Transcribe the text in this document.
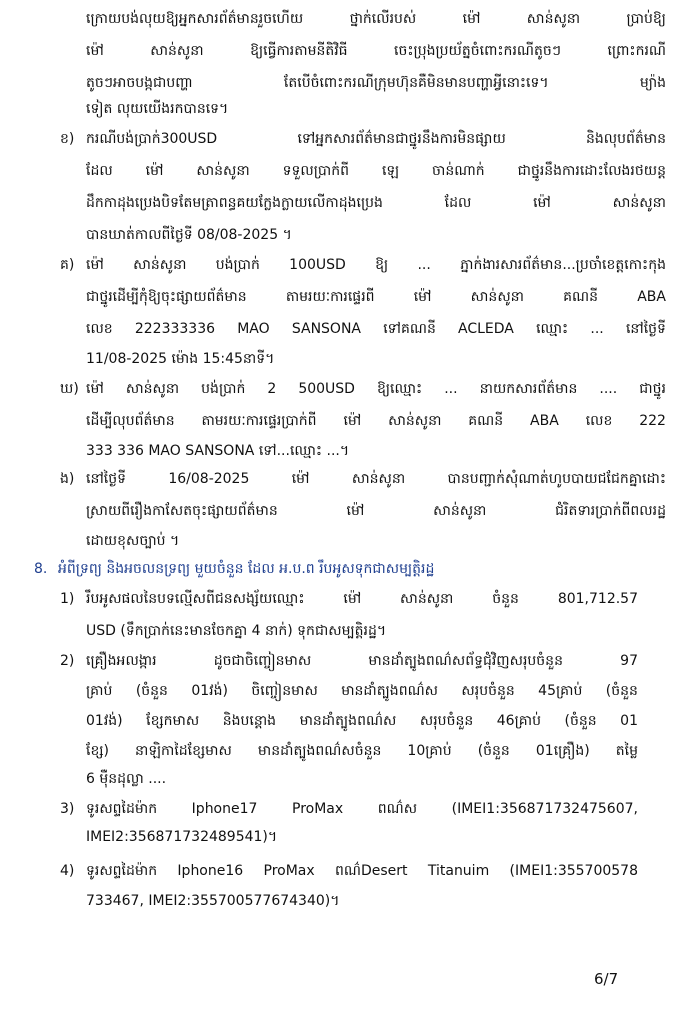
ក្រោយបង់លុយឱ្យអ្នកសារព័ត៌មានរួចហើយ	ថ្នាក់លើរបស់	ម៉ៅ	សាន់សូនា	ប្រាប់ឱ្យ
ម៉ៅ	សាន់សូនា	ឱ្យធ្វើការតាមនីតិវិធី	ចេះប្រុងប្រយ័ត្នចំពោះករណីតូចៗ	ព្រោះករណី
តូចៗអាចបង្កជាបញ្ហា	តែបើចំពោះករណីក្រុមហ៊ុនគឺមិនមានបញ្ហាអ្វីនោះទេ។	ម្យ៉ាង
ទៀត លុយយើងរកបានទេ។
ខ) ករណីបង់ប្រាក់300USD	ទៅអ្នកសារព័ត៌មានជាថ្នូរនឹងការមិនផ្សាយ	និងលុបព័ត៌មាន
ដែល ម៉ៅ សាន់សូនា ទទួលប្រាក់ពី ឡេ ចាន់ណាក់ ជាថ្នូរនឹងការដោះលែងរថយន្ត
ដឹកកាដុងប្រេងបិទតែមត្រាពន្ធគយក្លែងក្លាយលើកាដុងប្រេង	ដែល	ម៉ៅ	សាន់សូនា
បានឃាត់កាលពីថ្ងៃទី 08/08-2025 ។
គ) ម៉ៅ សាន់សូនា បង់ប្រាក់ 100USD ឱ្យ ... ភ្នាក់ងារសារព័ត៌មាន...ប្រចាំខេត្តកោះកុង
ជាថ្នូរដើម្បីកុំឱ្យចុះផ្សាយព័ត៌មាន	តាមរយៈការផ្ទេរពី	ម៉ៅ	សាន់សូនា	គណនី	ABA
លេខ 222333336 MAO SANSONA ទៅគណនី ACLEDA ឈ្មោះ ... នៅថ្ងៃទី
11/08-2025 ម៉ោង 15:45នាទី។
ឃ) ម៉ៅ សាន់សូនា បង់ប្រាក់ 2 500USD ឱ្យឈ្មោះ ... នាយកសារព័ត៌មាន .... ជាថ្នូរ
ដើម្បីលុបព័ត៌មាន តាមរយៈការផ្ទេរប្រាក់ពី ម៉ៅ សាន់សូនា គណនី ABA លេខ 222
333 336 MAO SANSONA ទៅ...ឈ្មោះ ...។
ង) នៅថ្ងៃទី	16/08-2025	ម៉ៅ	សាន់សូនា	បានបញ្ជាក់សុំណាត់ហូបបាយជជែកគ្នាដោះ
ស្រាយពីរឿងកាសែតចុះផ្សាយព័ត៌មាន	ម៉ៅ	សាន់សូនា	ជំរិតទារប្រាក់ពីពលរដ្ឋ
ដោយខុសច្បាប់ ។
8. អំពីទ្រព្យ និងអចលនទ្រព្យ មួយចំនួន ដែល អ.ប.ព រឹបអូសទុកជាសម្បត្តិរដ្ឋ
1) រឹបអូសផលនៃបទល្មើសពីជនសង្ស័យឈ្មោះ	ម៉ៅ	សាន់សូនា	ចំនួន	801,712.57
USD (ទឹកប្រាក់នេះមានចែកគ្នា 4 នាក់) ទុកជាសម្បត្តិរដ្ឋ។
2) គ្រឿងអលង្ការ	ដូចជាចិញ្ចៀនមាស	មានដាំត្បូងពណ៌សព័ទ្ធជុំវិញសរុបចំនួន	97
គ្រាប់ (ចំនួន 01វង់) ចិញ្ចៀនមាស មានដាំត្បូងពណ៌ស សរុបចំនួន 45គ្រាប់ (ចំនួន
01វង់) ខ្សែកមាស និងបន្តោង មានដាំត្បូងពណ៌ស សរុបចំនួន 46គ្រាប់ (ចំនួន 01
ខ្សែ) នាឡិកាដៃខ្សែមាស មានដាំត្បូងពណ៌សចំនួន 10គ្រាប់ (ចំនួន 01គ្រឿង) តម្លៃ
6 ម៉ឺនដុល្លា ....
3) ទូរសព្ទដៃម៉ាក Iphone17 ProMax ពណ៌ស (IMEI1:356871732475607,
IMEI2:356871732489541)។
4) ទូរសព្ទដៃម៉ាក Iphone16 ProMax ពណ៌Desert Titanuim (IMEI1:355700578
733467, IMEI2:355700577674340)។
6/7
